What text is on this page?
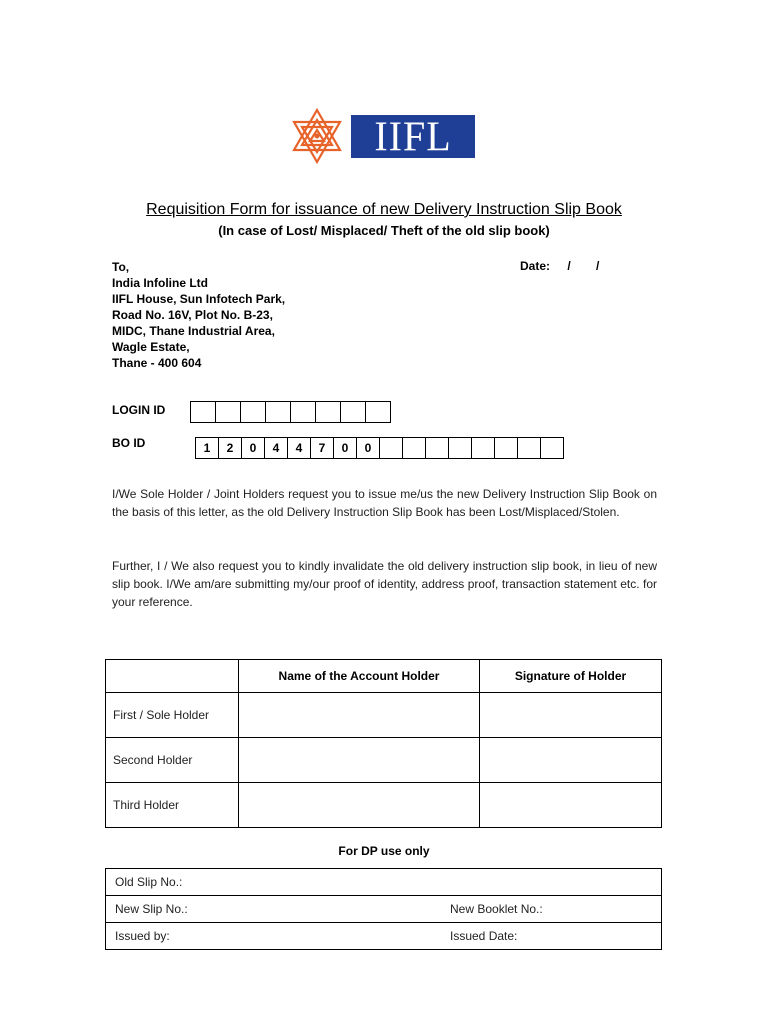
IIFL
Requisition Form for issuance of new Delivery Instruction Slip Book
(In case of Lost/ Misplaced/ Theft of the old slip book)
To,
India Infoline Ltd
IIFL House, Sun Infotech Park,
Road No. 16V, Plot No. B-23,
MIDC, Thane Industrial Area,
Wagle Estate,
Thane - 400 604
Date: / /
LOGIN ID
BO ID	1	2	0	4	4	7	0	0
I/We Sole Holder / Joint Holders request you to issue me/us the new Delivery Instruction Slip Book on the basis of this letter, as the old Delivery Instruction Slip Book has been Lost/Misplaced/Stolen.
Further, I / We also request you to kindly invalidate the old delivery instruction slip book, in lieu of new slip book. I/We am/are submitting my/our proof of identity, address proof, transaction statement etc. for your reference.
	Name of the Account Holder	Signature of Holder
First / Sole Holder		
Second Holder		
Third Holder		
For DP use only
Old Slip No.:	
New Slip No.:	New Booklet No.:
Issued by:	Issued Date:
